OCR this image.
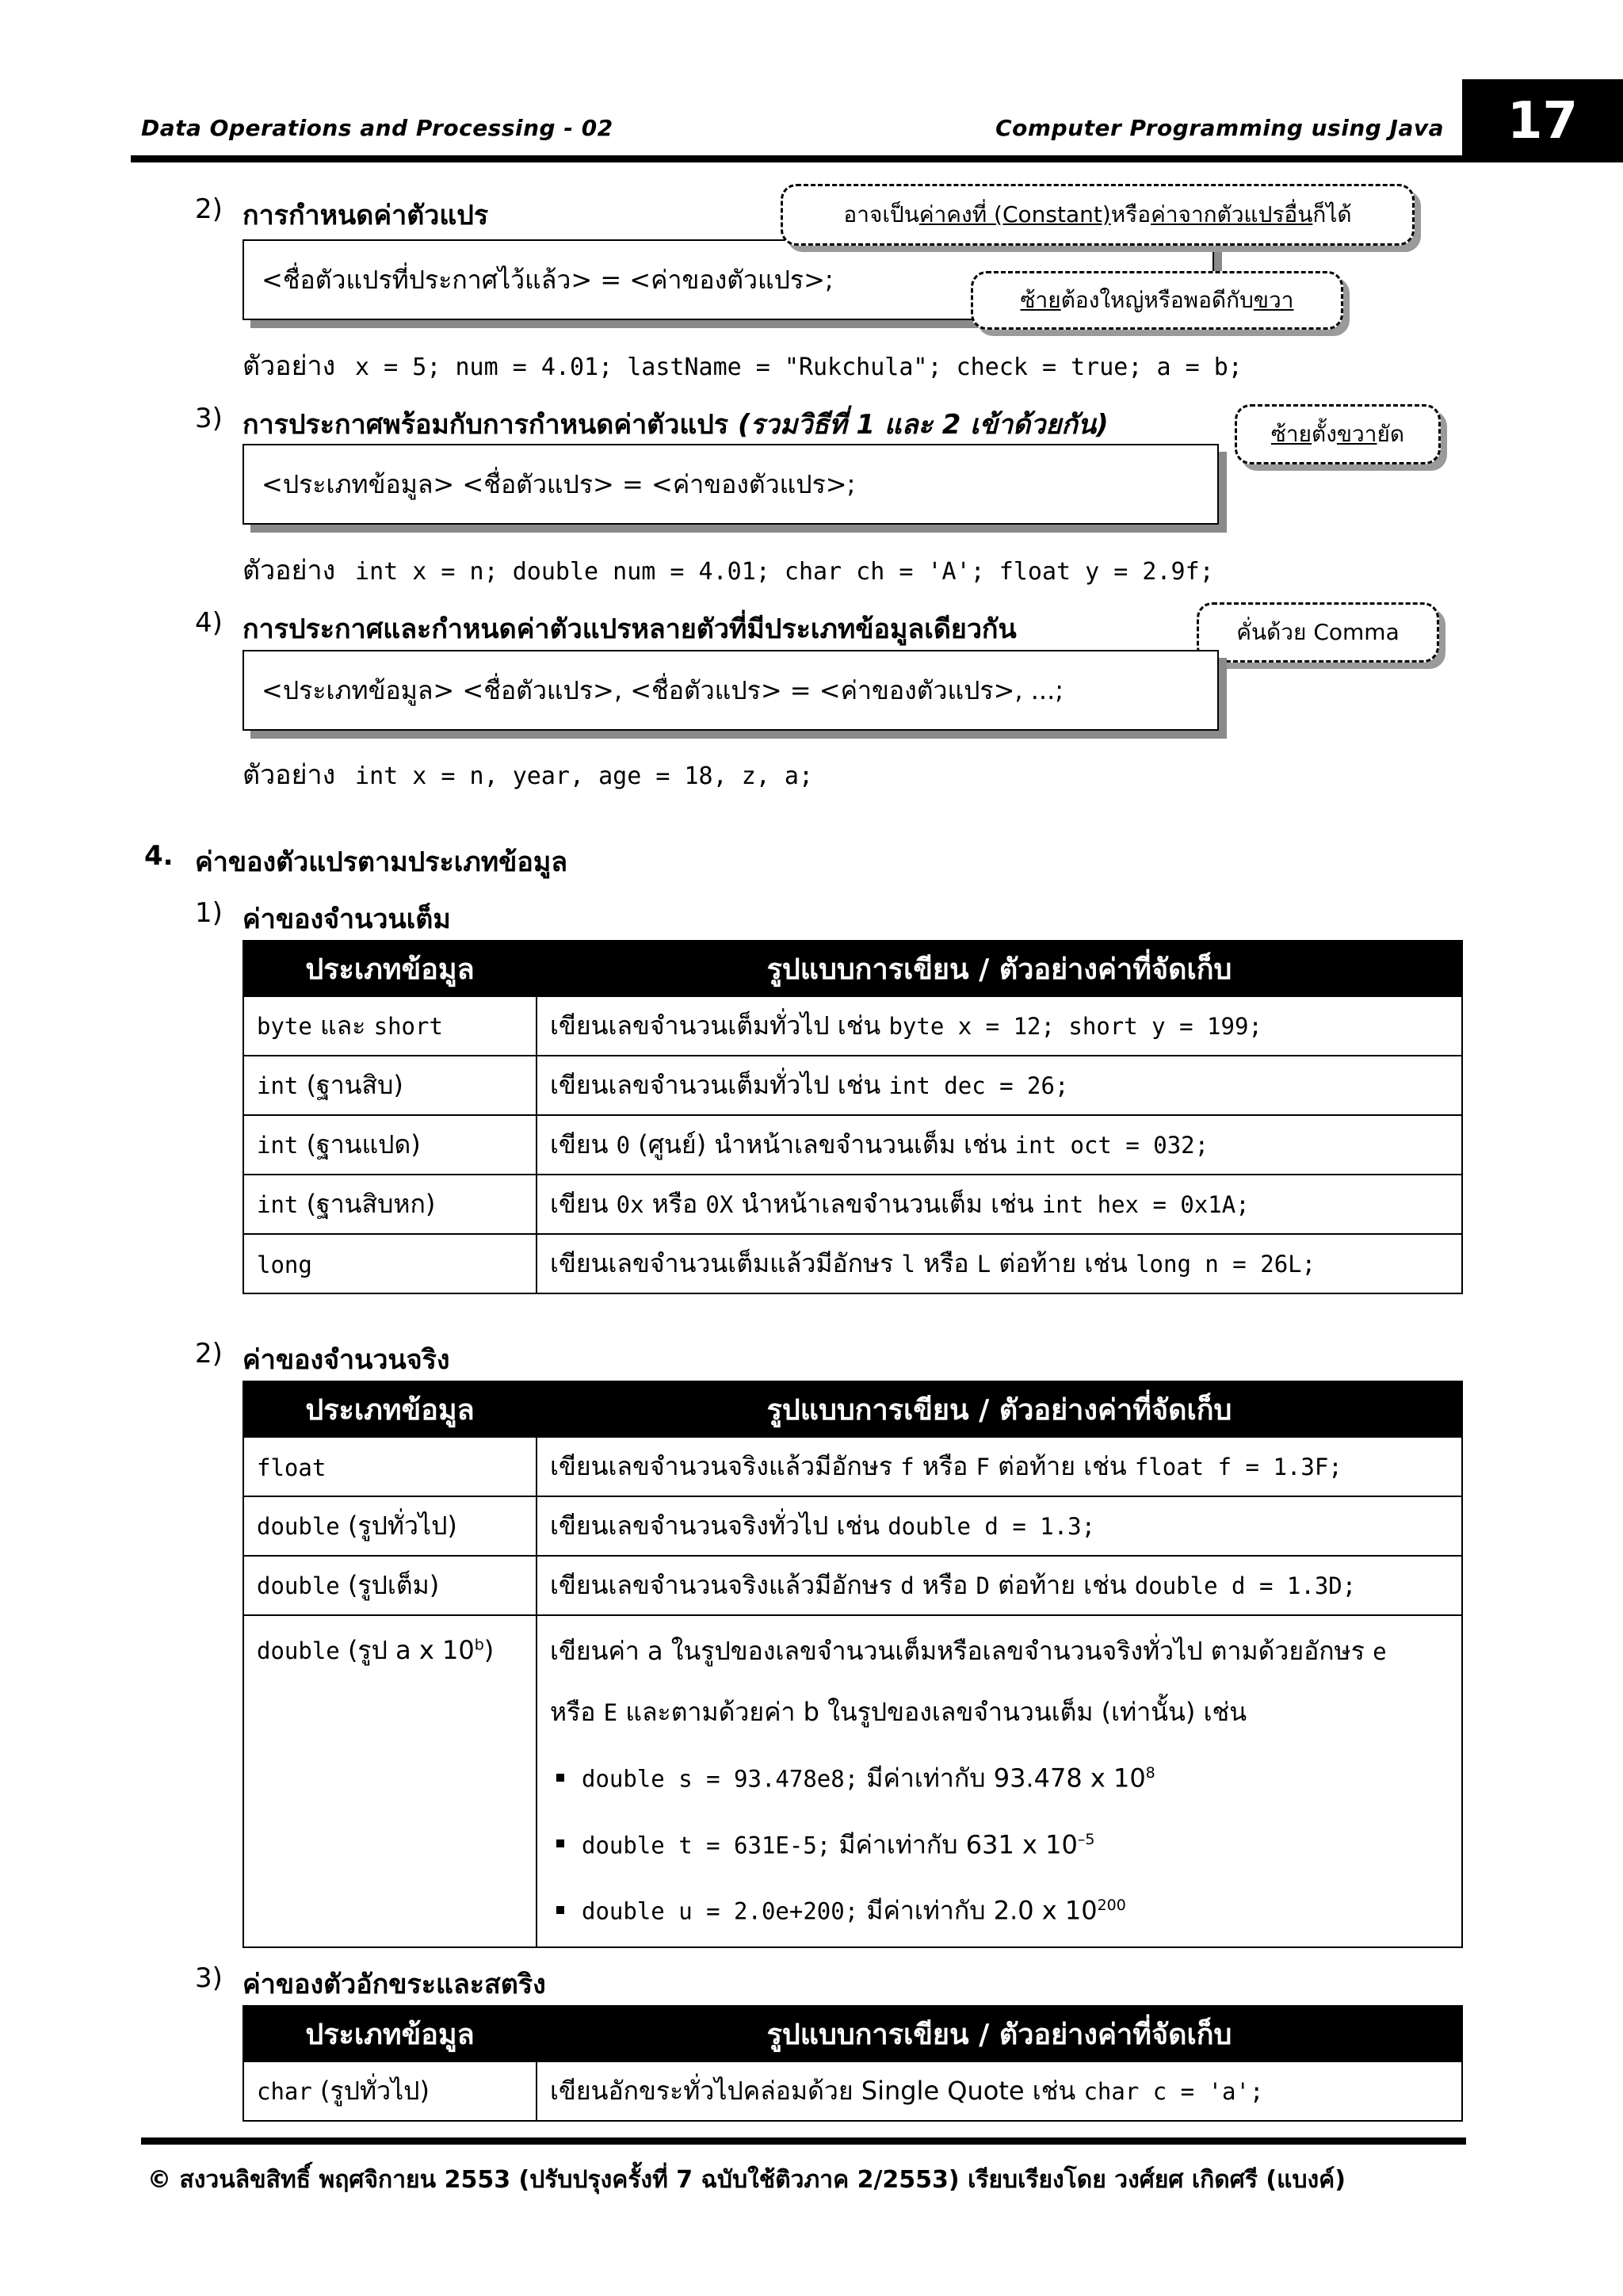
Data Operations and Processing - 02	Computer Programming using Java	17
2) การกำหนดค่าตัวแปร
<ชื่อตัวแปรที่ประกาศไว้แล้ว> = <ค่าของตัวแปร>;
อาจเป็น ค่าคงที่ (Constant) หรือ ค่าจากตัวแปรอื่น ก็ได้
ซ้าย ต้องใหญ่หรือพอดีกับ ขวา
ตัวอย่าง x = 5; num = 4.01; lastName = "Rukchula"; check = true; a = b;
3) การประกาศพร้อมกับการกำหนดค่าตัวแปร (รวมวิธีที่ 1 และ 2 เข้าด้วยกัน)	ซ้าย ตั้ง ขวา ยัด
<ประเภทข้อมูล> <ชื่อตัวแปร> = <ค่าของตัวแปร>;
ตัวอย่าง int x = n; double num = 4.01; char ch = 'A'; float y = 2.9f;
4) การประกาศและกำหนดค่าตัวแปรหลายตัวที่มีประเภทข้อมูลเดียวกัน	คั่นด้วย Comma
<ประเภทข้อมูล> <ชื่อตัวแปร>, <ชื่อตัวแปร> = <ค่าของตัวแปร>, ...;
ตัวอย่าง int x = n, year, age = 18, z, a;
4. ค่าของตัวแปรตามประเภทข้อมูล
1) ค่าของจำนวนเต็ม
ประเภทข้อมูล	รูปแบบการเขียน / ตัวอย่างค่าที่จัดเก็บ
byte และ short	เขียนเลขจำนวนเต็มทั่วไป เช่น byte x = 12; short y = 199;
int (ฐานสิบ)	เขียนเลขจำนวนเต็มทั่วไป เช่น int dec = 26;
int (ฐานแปด)	เขียน 0 (ศูนย์) นำหน้าเลขจำนวนเต็ม เช่น int oct = 032;
int (ฐานสิบหก)	เขียน 0x หรือ 0X นำหน้าเลขจำนวนเต็ม เช่น int hex = 0x1A;
long	เขียนเลขจำนวนเต็มแล้วมีอักษร l หรือ L ต่อท้าย เช่น long n = 26L;
2) ค่าของจำนวนจริง
ประเภทข้อมูล	รูปแบบการเขียน / ตัวอย่างค่าที่จัดเก็บ
float	เขียนเลขจำนวนจริงแล้วมีอักษร f หรือ F ต่อท้าย เช่น float f = 1.3F;
double (รูปทั่วไป)	เขียนเลขจำนวนจริงทั่วไป เช่น double d = 1.3;
double (รูปเต็ม)	เขียนเลขจำนวนจริงแล้วมีอักษร d หรือ D ต่อท้าย เช่น double d = 1.3D;
double (รูป a x 10$^b$)	เขียนค่า a ในรูปของเลขจำนวนเต็มหรือเลขจำนวนจริงทั่วไป ตามด้วยอักษร e
หรือ E และตามด้วยค่า b ในรูปของเลขจำนวนเต็ม (เท่านั้น) เช่น
double s = 93.478e8; มีค่าเท่ากับ 93.478 x $10^8$
double t = 631E-5; มีค่าเท่ากับ 631 x $10^{-5}$
double u = 2.0e+200; มีค่าเท่ากับ 2.0 x $10^{200}$
3) ค่าของตัวอักขระและสตริง
ประเภทข้อมูล	รูปแบบการเขียน / ตัวอย่างค่าที่จัดเก็บ
char (รูปทั่วไป)	เขียนอักขระทั่วไปคล่อมด้วย Single Quote เช่น char c = 'a';
© สงวนลิขสิทธิ์ พฤศจิกายน 2553 (ปรับปรุงครั้งที่ 7 ฉบับใช้ติวภาค 2/2553) เรียบเรียงโดย วงศ์ยศ เกิดศรี (แบงค์)
